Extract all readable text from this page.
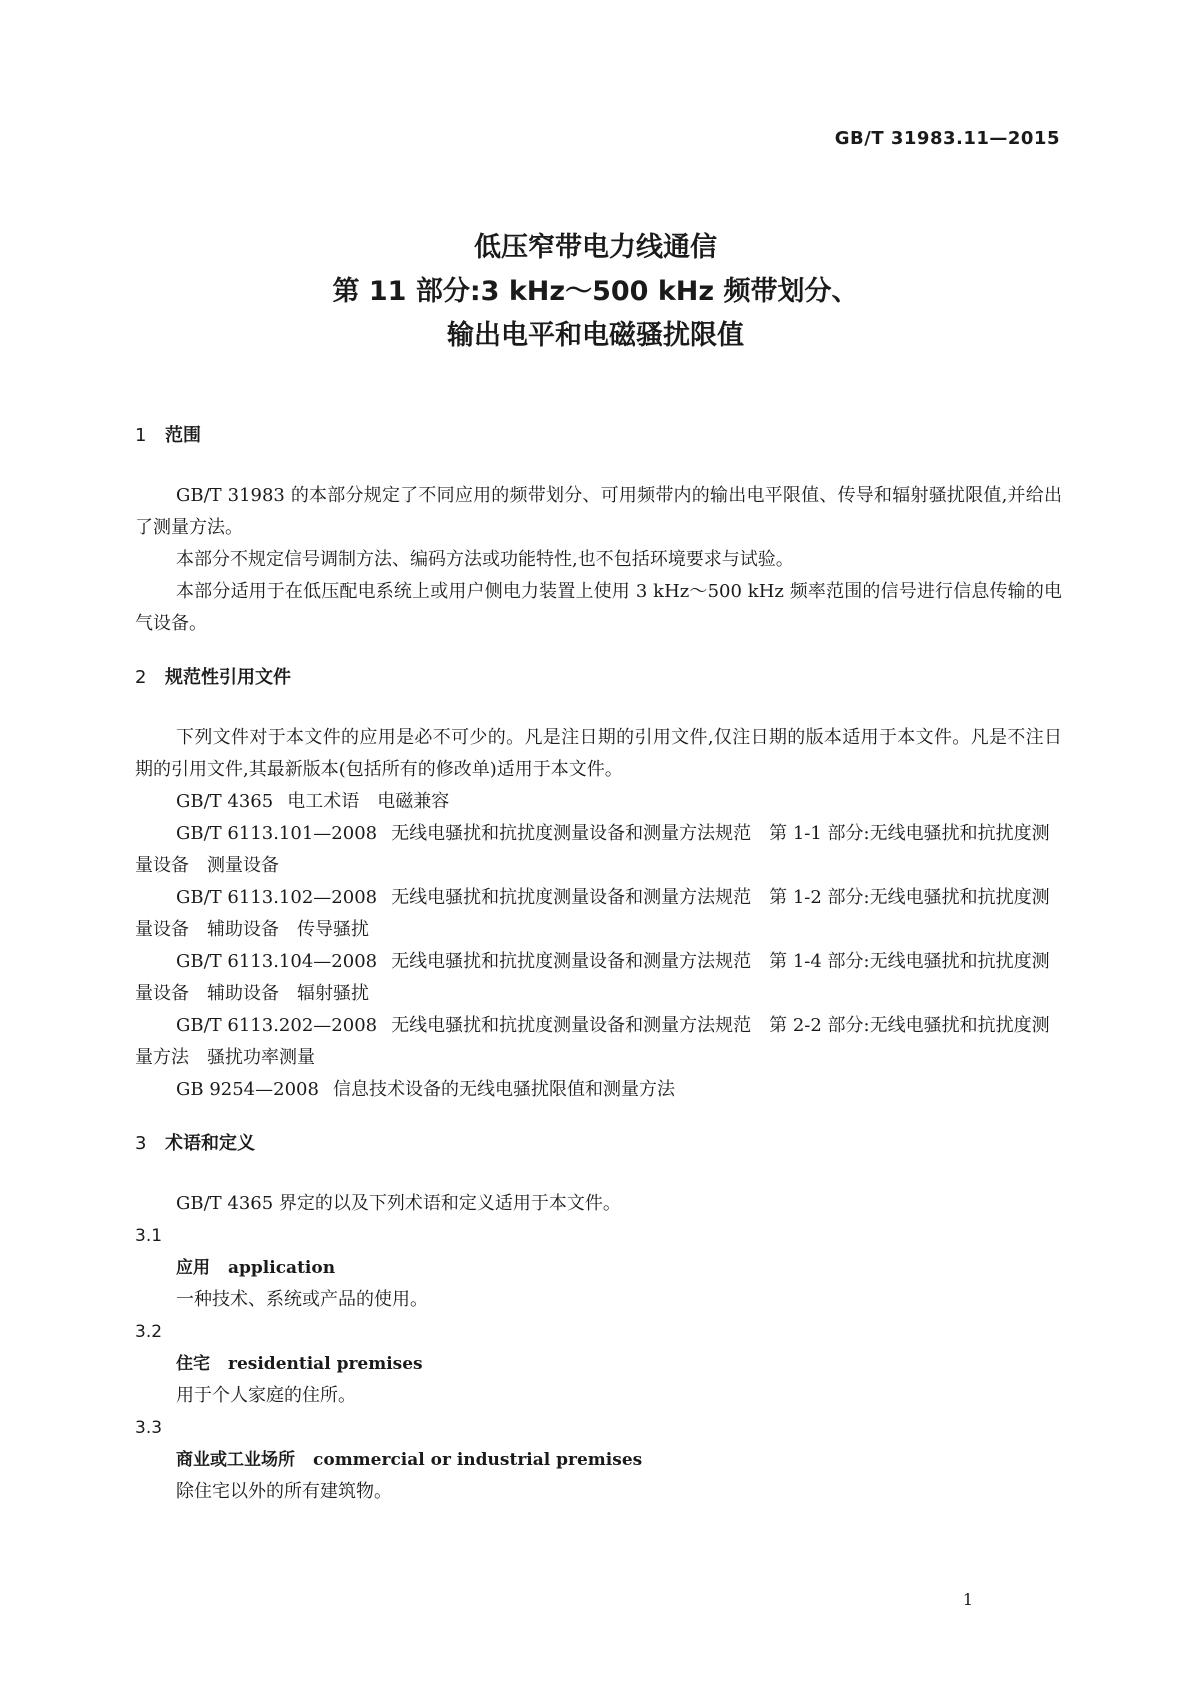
GB/T 31983.11—2015
低压窄带电力线通信
第 11 部分:3 kHz～500 kHz 频带划分、
输出电平和电磁骚扰限值
1 范围

GB/T 31983 的本部分规定了不同应用的频带划分、可用频带内的输出电平限值、传导和辐射骚扰限值,并给出了测量方法。

本部分不规定信号调制方法、编码方法或功能特性,也不包括环境要求与试验。

本部分适用于在低压配电系统上或用户侧电力装置上使用 3 kHz～500 kHz 频率范围的信号进行信息传输的电气设备。

2 规范性引用文件

下列文件对于本文件的应用是必不可少的。凡是注日期的引用文件,仅注日期的版本适用于本文件。凡是不注日期的引用文件,其最新版本(包括所有的修改单)适用于本文件。

GB/T 4365 电工术语　电磁兼容

GB/T 6113.101—2008 无线电骚扰和抗扰度测量设备和测量方法规范　第 1-1 部分:无线电骚扰和抗扰度测量设备　测量设备

GB/T 6113.102—2008 无线电骚扰和抗扰度测量设备和测量方法规范　第 1-2 部分:无线电骚扰和抗扰度测量设备　辅助设备　传导骚扰

GB/T 6113.104—2008 无线电骚扰和抗扰度测量设备和测量方法规范　第 1-4 部分:无线电骚扰和抗扰度测量设备　辅助设备　辐射骚扰

GB/T 6113.202—2008 无线电骚扰和抗扰度测量设备和测量方法规范　第 2-2 部分:无线电骚扰和抗扰度测量方法　骚扰功率测量

GB 9254—2008 信息技术设备的无线电骚扰限值和测量方法

3 术语和定义

GB/T 4365 界定的以及下列术语和定义适用于本文件。

3.1

应用 application

一种技术、系统或产品的使用。

3.2

住宅 residential premises

用于个人家庭的住所。

3.3

商业或工业场所 commercial or industrial premises

除住宅以外的所有建筑物。

1
